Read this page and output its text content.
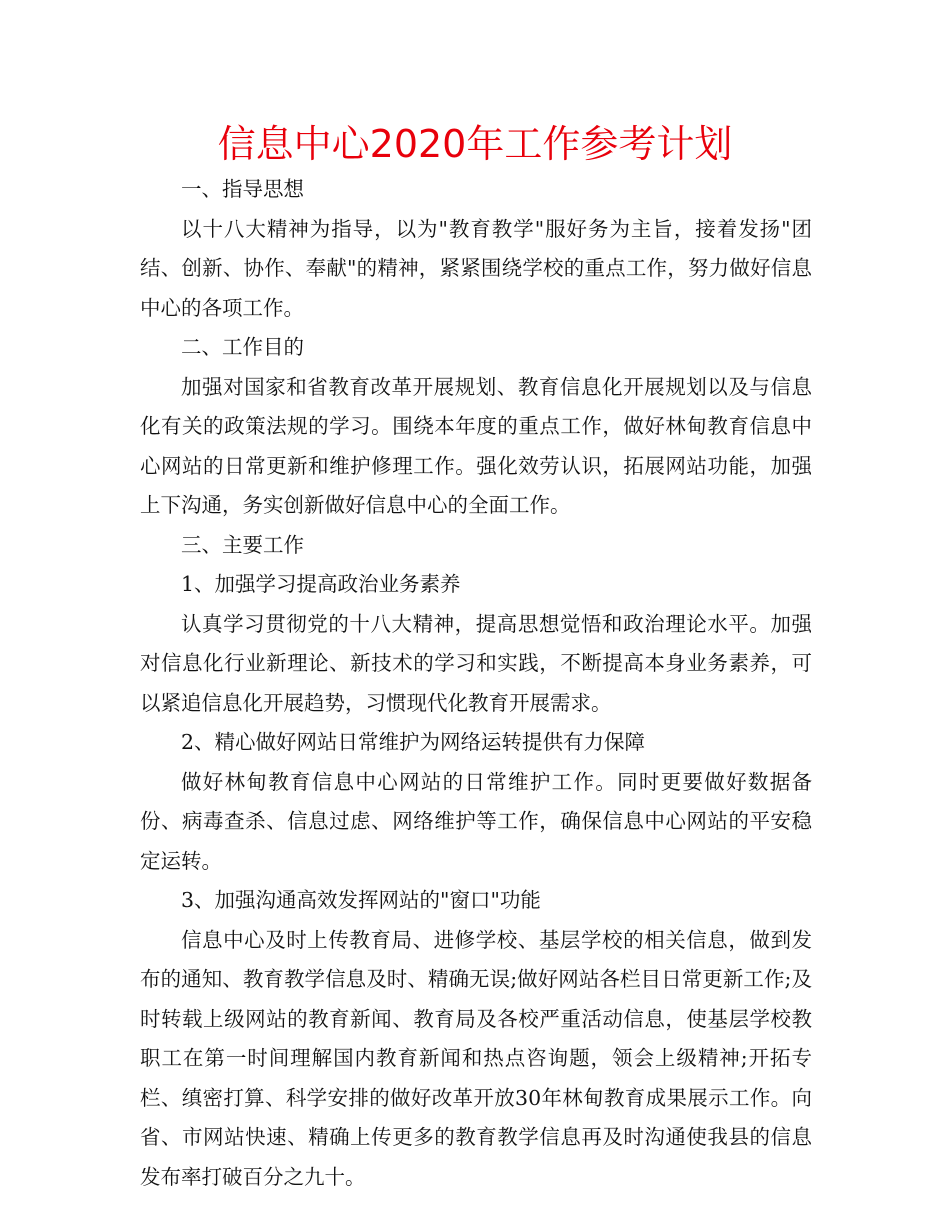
信息中心2020年工作参考计划

一、指导思想

以十八大精神为指导，以为"教育教学"服好务为主旨，接着发扬"团结、创新、协作、奉献"的精神，紧紧围绕学校的重点工作，努力做好信息中心的各项工作。

二、工作目的

加强对国家和省教育改革开展规划、教育信息化开展规划以及与信息化有关的政策法规的学习。围绕本年度的重点工作，做好林甸教育信息中心网站的日常更新和维护修理工作。强化效劳认识，拓展网站功能，加强上下沟通，务实创新做好信息中心的全面工作。

三、主要工作

1、加强学习提高政治业务素养

认真学习贯彻党的十八大精神，提高思想觉悟和政治理论水平。加强对信息化行业新理论、新技术的学习和实践，不断提高本身业务素养，可以紧追信息化开展趋势，习惯现代化教育开展需求。

2、精心做好网站日常维护为网络运转提供有力保障

做好林甸教育信息中心网站的日常维护工作。同时更要做好数据备份、病毒查杀、信息过虑、网络维护等工作，确保信息中心网站的平安稳定运转。

3、加强沟通高效发挥网站的"窗口"功能

信息中心及时上传教育局、进修学校、基层学校的相关信息，做到发布的通知、教育教学信息及时、精确无误;做好网站各栏目日常更新工作;及时转载上级网站的教育新闻、教育局及各校严重活动信息，使基层学校教职工在第一时间理解国内教育新闻和热点咨询题，领会上级精神;开拓专栏、缜密打算、科学安排的做好改革开放30年林甸教育成果展示工作。向省、市网站快速、精确上传更多的教育教学信息再及时沟通使我县的信息发布率打破百分之九十。
